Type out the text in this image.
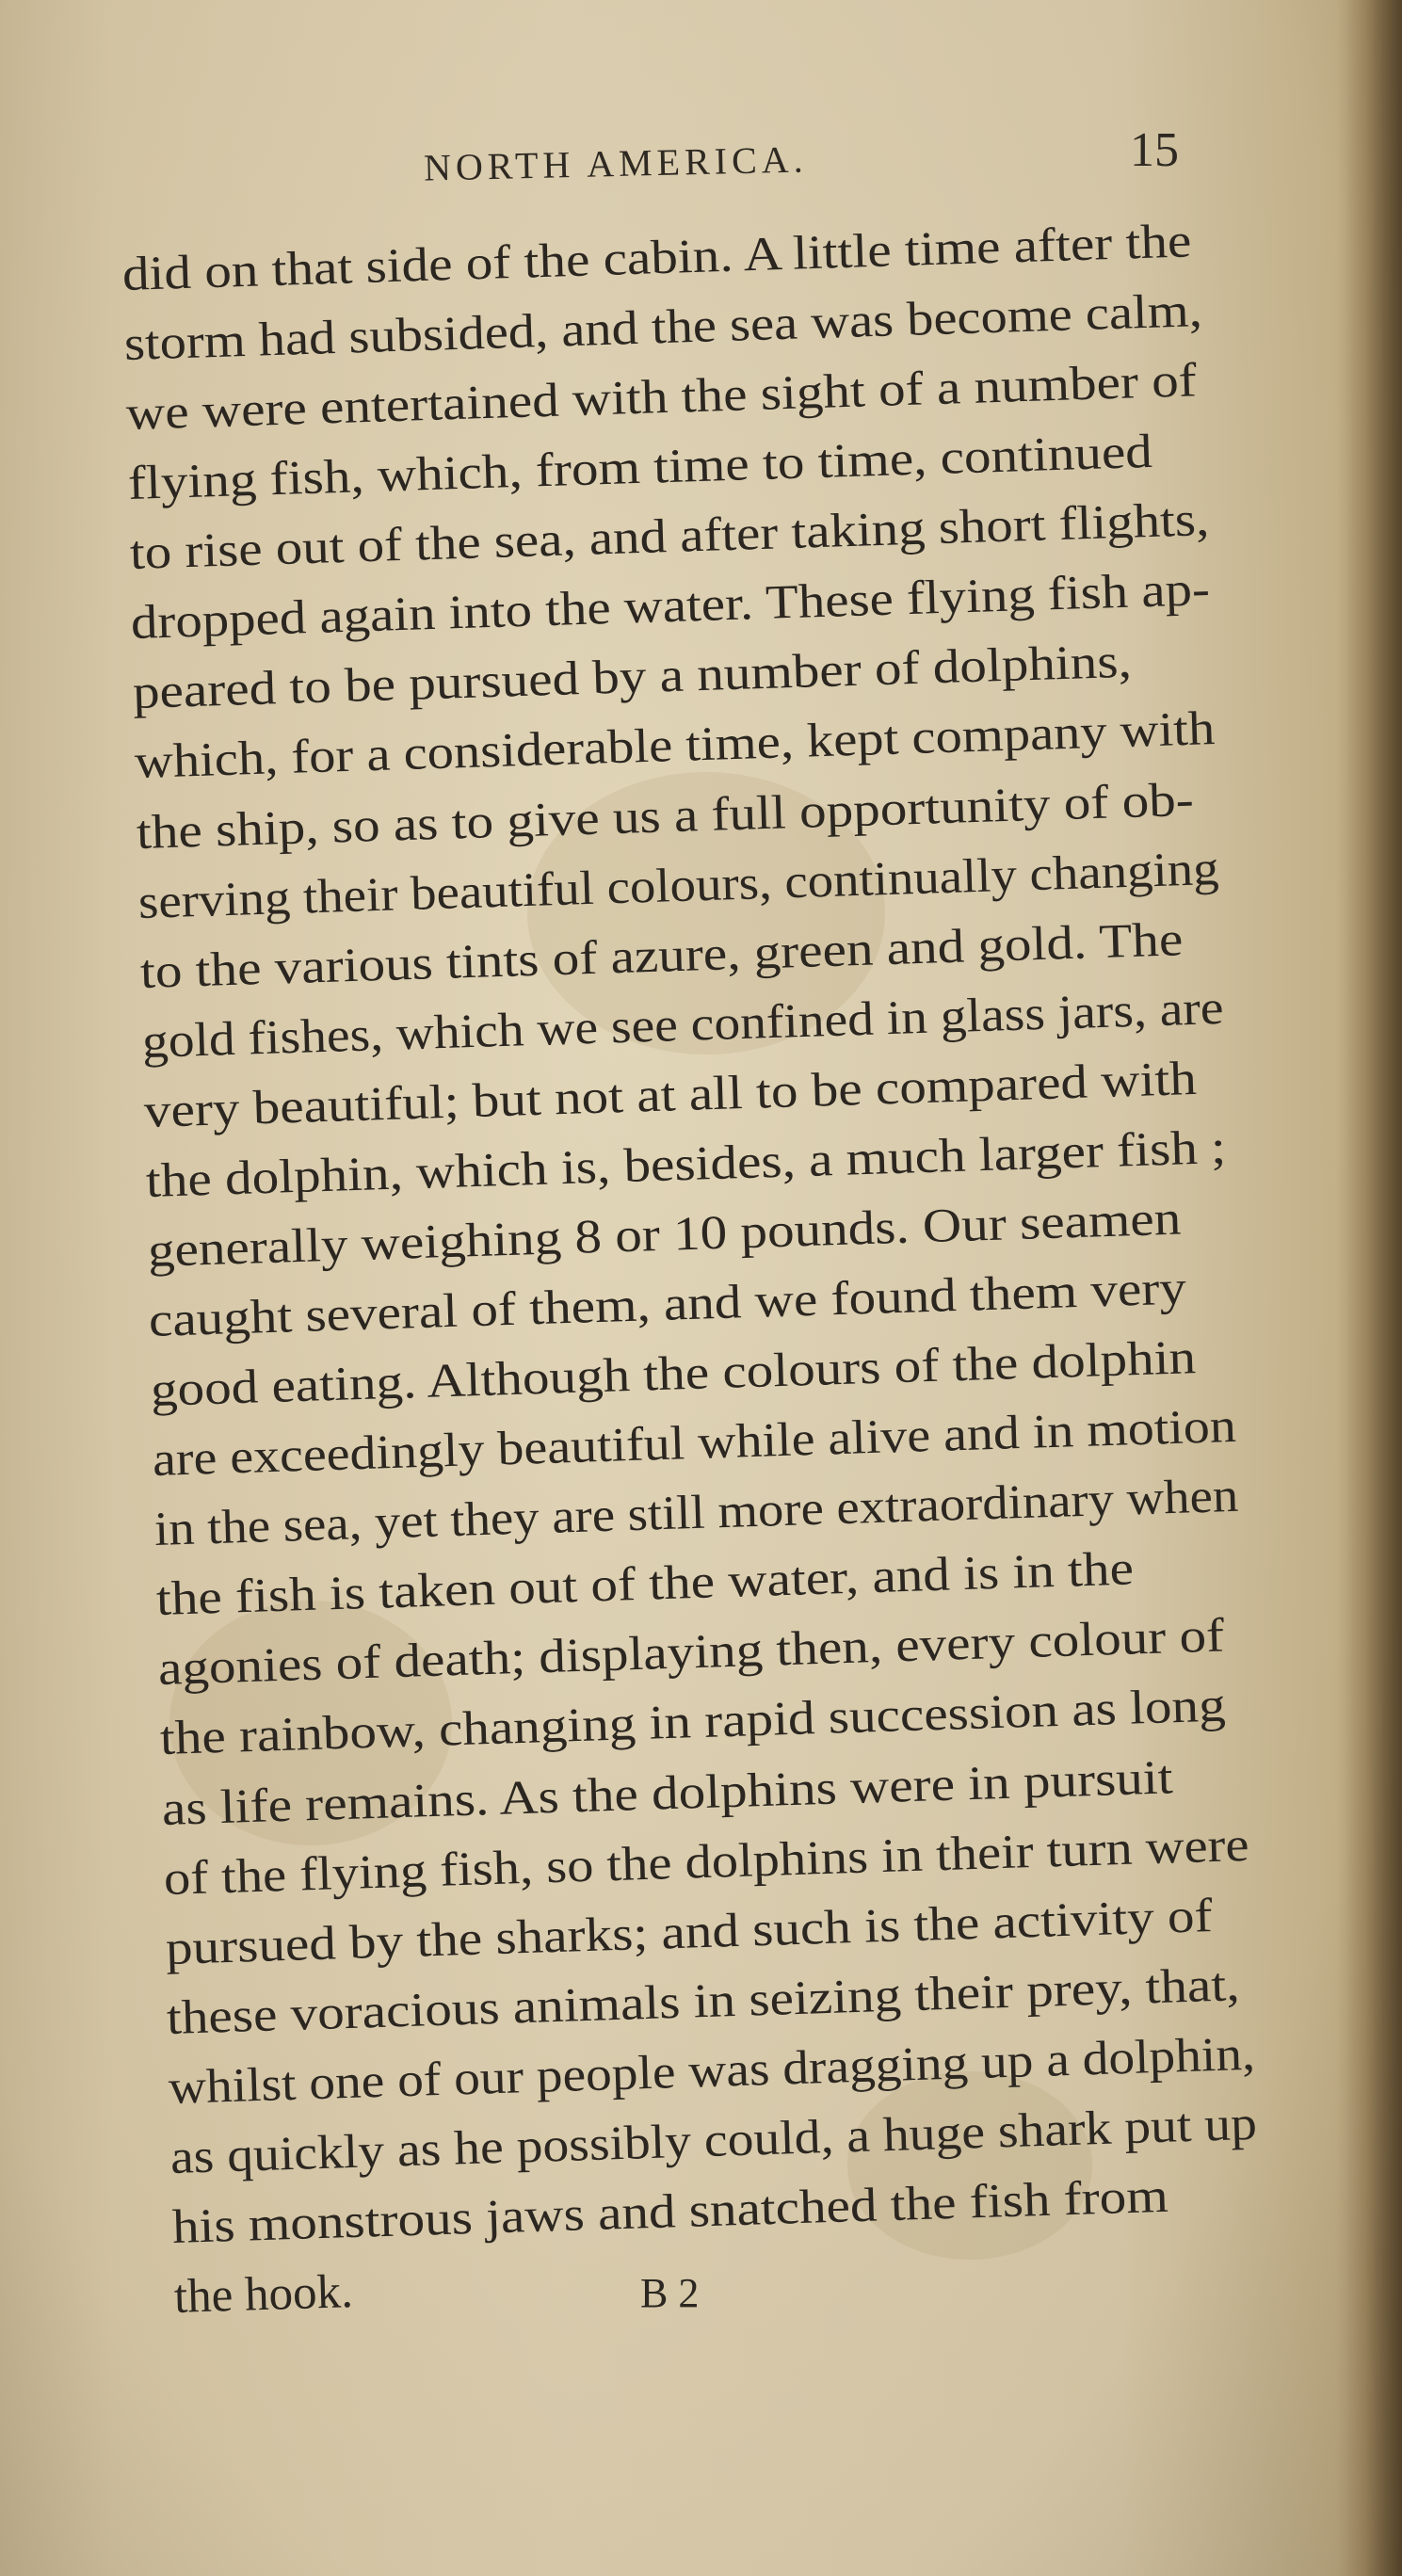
NORTH AMERICA.	15
did on that side of the cabin. A little time after the
storm had subsided, and the sea was become calm,
we were entertained with the sight of a number of
flying fish, which, from time to time, continued
to rise out of the sea, and after taking short flights,
dropped again into the water. These flying fish ap-
peared to be pursued by a number of dolphins,
which, for a considerable time, kept company with
the ship, so as to give us a full opportunity of ob-
serving their beautiful colours, continually changing
to the various tints of azure, green and gold. The
gold fishes, which we see confined in glass jars, are
very beautiful; but not at all to be compared with
the dolphin, which is, besides, a much larger fish ;
generally weighing 8 or 10 pounds. Our seamen
caught several of them, and we found them very
good eating. Although the colours of the dolphin
are exceedingly beautiful while alive and in motion
in the sea, yet they are still more extraordinary when
the fish is taken out of the water, and is in the
agonies of death; displaying then, every colour of
the rainbow, changing in rapid succession as long
as life remains. As the dolphins were in pursuit
of the flying fish, so the dolphins in their turn were
pursued by the sharks; and such is the activity of
these voracious animals in seizing their prey, that,
whilst one of our people was dragging up a dolphin,
as quickly as he possibly could, a huge shark put up
his monstrous jaws and snatched the fish from
the hook.	B 2
